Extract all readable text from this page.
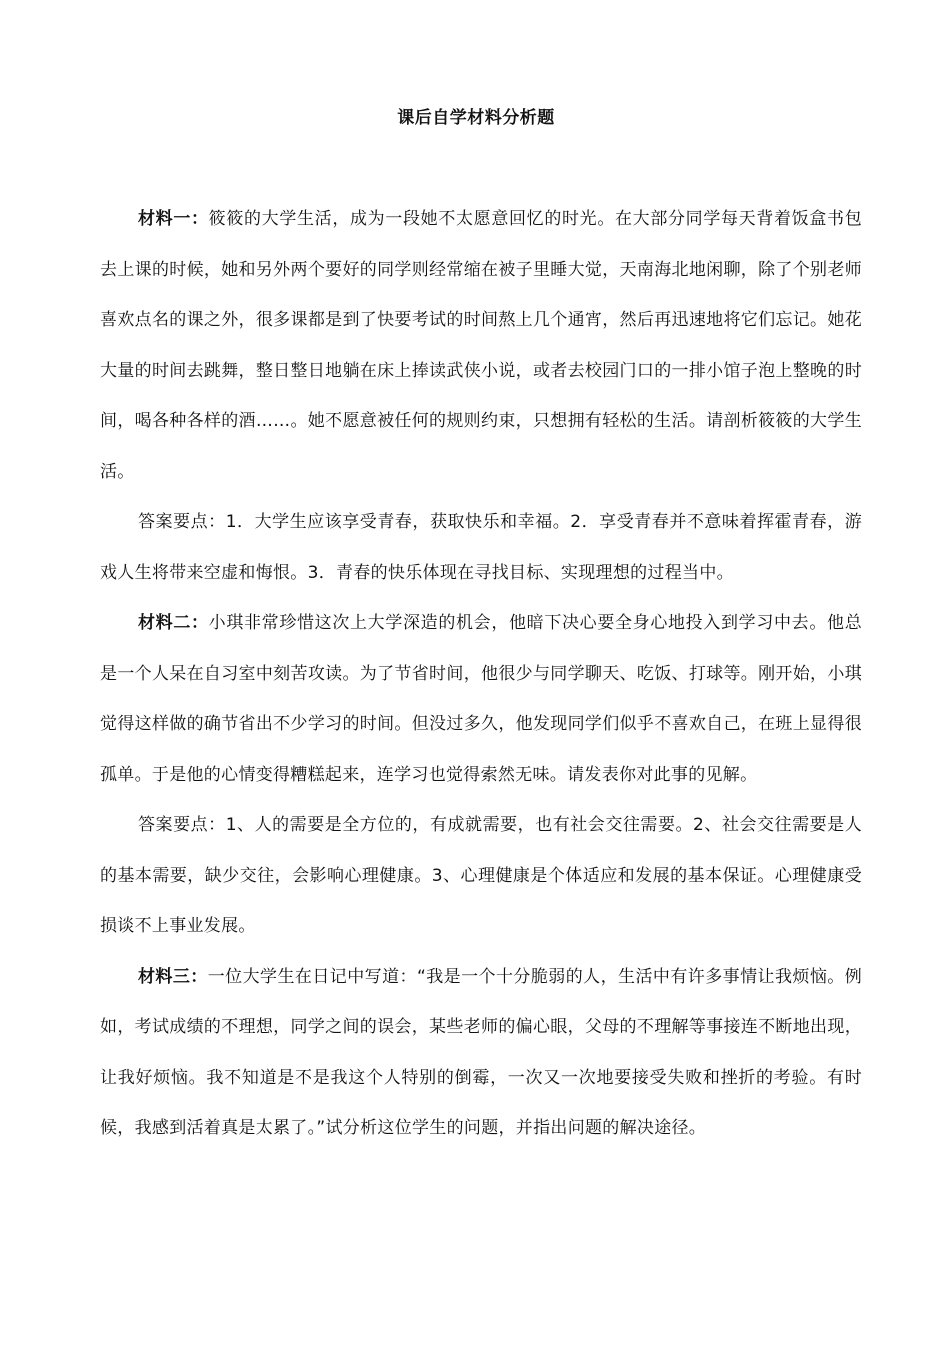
课后自学材料分析题

材料一：筱筱的大学生活，成为一段她不太愿意回忆的时光。在大部分同学每天背着饭盒书包去上课的时候，她和另外两个要好的同学则经常缩在被子里睡大觉，天南海北地闲聊，除了个别老师喜欢点名的课之外，很多课都是到了快要考试的时间熬上几个通宵，然后再迅速地将它们忘记。她花大量的时间去跳舞，整日整日地躺在床上捧读武侠小说，或者去校园门口的一排小馆子泡上整晚的时间，喝各种各样的酒……。她不愿意被任何的规则约束，只想拥有轻松的生活。请剖析筱筱的大学生活。

答案要点：1．大学生应该享受青春，获取快乐和幸福。2．享受青春并不意味着挥霍青春，游戏人生将带来空虚和悔恨。3．青春的快乐体现在寻找目标、实现理想的过程当中。

材料二：小琪非常珍惜这次上大学深造的机会，他暗下决心要全身心地投入到学习中去。他总是一个人呆在自习室中刻苦攻读。为了节省时间，他很少与同学聊天、吃饭、打球等。刚开始，小琪觉得这样做的确节省出不少学习的时间。但没过多久，他发现同学们似乎不喜欢自己，在班上显得很孤单。于是他的心情变得糟糕起来，连学习也觉得索然无味。请发表你对此事的见解。

答案要点：1、人的需要是全方位的，有成就需要，也有社会交往需要。2、社会交往需要是人的基本需要，缺少交往，会影响心理健康。3、心理健康是个体适应和发展的基本保证。心理健康受损谈不上事业发展。

材料三：一位大学生在日记中写道：“我是一个十分脆弱的人，生活中有许多事情让我烦恼。例如，考试成绩的不理想，同学之间的误会，某些老师的偏心眼，父母的不理解等事接连不断地出现，让我好烦恼。我不知道是不是我这个人特别的倒霉，一次又一次地要接受失败和挫折的考验。有时候，我感到活着真是太累了。”试分析这位学生的问题，并指出问题的解决途径。
